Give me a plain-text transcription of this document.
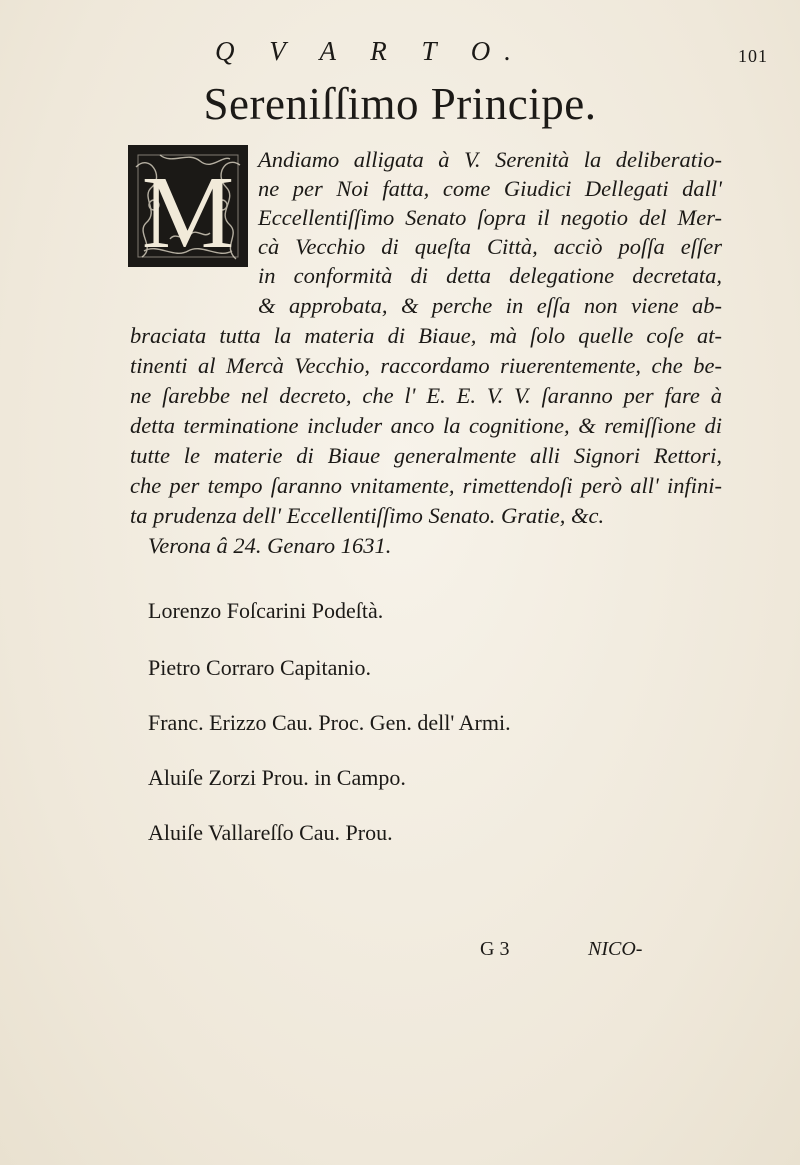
Q V A R T O.	101
Sereniſſimo Principe.
M Andiamo alligata à V. Serenità la deliberatio-
ne per Noi fatta, come Giudici Dellegati dall'
Eccellentiſſimo Senato ſopra il negotio del Mer-
cà Vecchio di queſta Città, acciò poſſa eſſer
in conformità di detta delegatione decretata,
& approbata, & perche in eſſa non viene ab-
braciata tutta la materia di Biaue, mà ſolo quelle coſe at-
tinenti al Mercà Vecchio, raccordamo riuerentemente, che be-
ne ſarebbe nel decreto, che l' E. E. V. V. ſaranno per fare à
detta terminatione includer anco la cognitione, & remiſſione di
tutte le materie di Biaue generalmente alli Signori Rettori,
che per tempo ſaranno vnitamente, rimettendoſi però all' infini-
ta prudenza dell' Eccellentiſſimo Senato. Gratie, &c.
Verona â 24. Genaro 1631.
Lorenzo Foſcarini Podeſtà.
Pietro Corraro Capitanio.
Franc. Erizzo Cau. Proc. Gen. dell' Armi.
Aluiſe Zorzi Prou. in Campo.
Aluiſe Vallareſſo Cau. Prou.
G 3	NICO-
